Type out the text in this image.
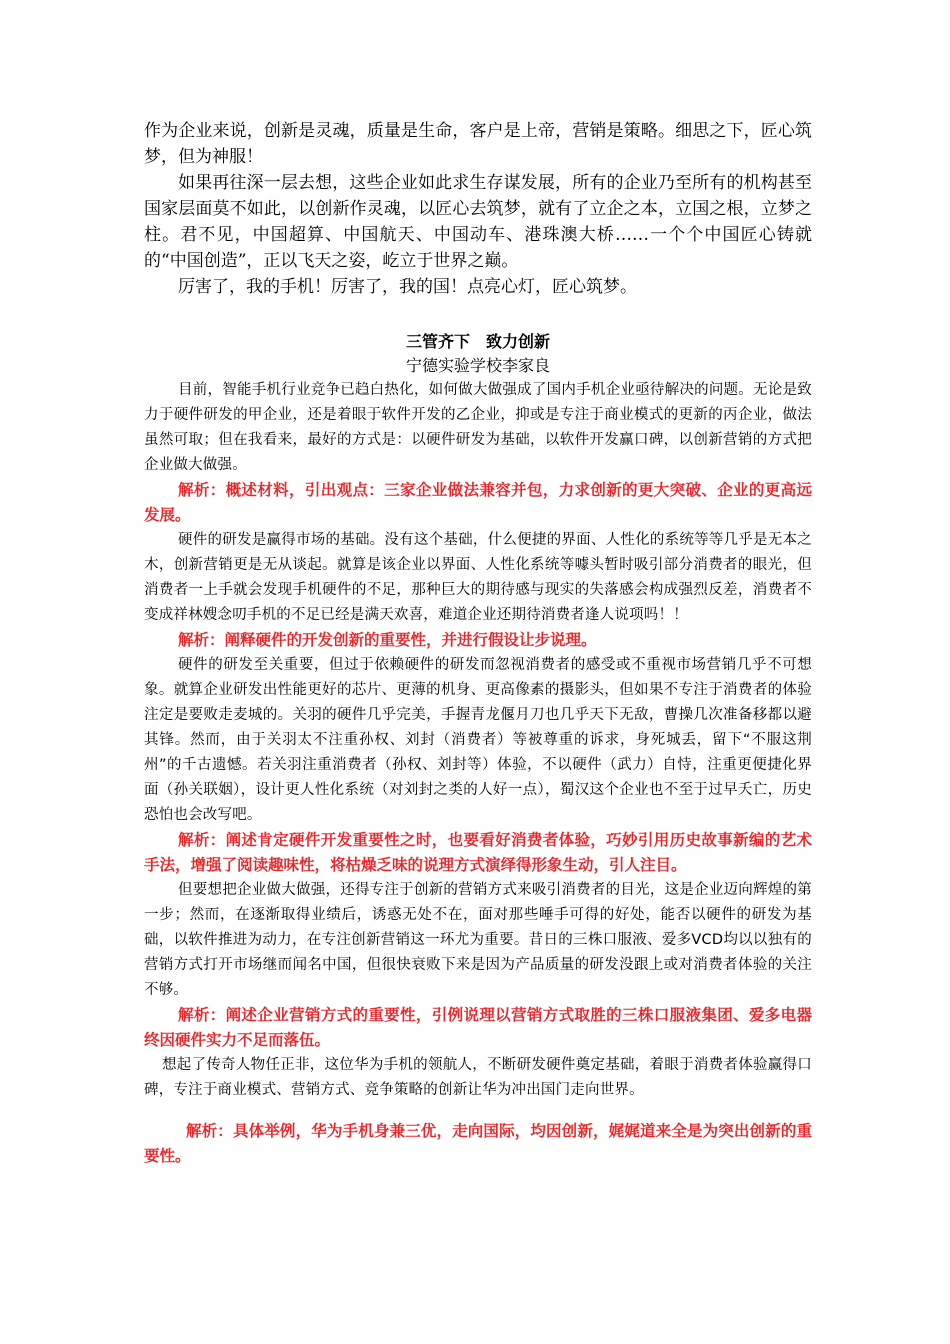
作为企业来说，创新是灵魂，质量是生命，客户是上帝，营销是策略。细思之下，匠心筑梦，但为神服！

如果再往深一层去想，这些企业如此求生存谋发展，所有的企业乃至所有的机构甚至国家层面莫不如此，以创新作灵魂，以匠心去筑梦，就有了立企之本，立国之根，立梦之柱。君不见，中国超算、中国航天、中国动车、港珠澳大桥……一个个中国匠心铸就的“中国创造”，正以飞天之姿，屹立于世界之巅。

厉害了，我的手机！厉害了，我的国！点亮心灯，匠心筑梦。

三管齐下　致力创新

宁德实验学校李家良

目前，智能手机行业竞争已趋白热化，如何做大做强成了国内手机企业亟待解决的问题。无论是致力于硬件研发的甲企业，还是着眼于软件开发的乙企业，抑或是专注于商业模式的更新的丙企业，做法虽然可取；但在我看来，最好的方式是：以硬件研发为基础，以软件开发赢口碑，以创新营销的方式把企业做大做强。

解析：概述材料，引出观点：三家企业做法兼容并包，力求创新的更大突破、企业的更高远发展。

硬件的研发是赢得市场的基础。没有这个基础，什么便捷的界面、人性化的系统等等几乎是无本之木，创新营销更是无从谈起。就算是该企业以界面、人性化系统等噱头暂时吸引部分消费者的眼光，但消费者一上手就会发现手机硬件的不足，那种巨大的期待感与现实的失落感会构成强烈反差，消费者不变成祥林嫂念叨手机的不足已经是满天欢喜，难道企业还期待消费者逢人说项吗！！

解析：阐释硬件的开发创新的重要性，并进行假设让步说理。

硬件的研发至关重要，但过于依赖硬件的研发而忽视消费者的感受或不重视市场营销几乎不可想象。就算企业研发出性能更好的芯片、更薄的机身、更高像素的摄影头，但如果不专注于消费者的体验注定是要败走麦城的。关羽的硬件几乎完美，手握青龙偃月刀也几乎天下无敌，曹操几次准备移都以避其锋。然而，由于关羽太不注重孙权、刘封（消费者）等被尊重的诉求，身死城丢，留下“不服这荆州”的千古遗憾。若关羽注重消费者（孙权、刘封等）体验，不以硬件（武力）自恃，注重更便捷化界面（孙关联姻），设计更人性化系统（对刘封之类的人好一点），蜀汉这个企业也不至于过早夭亡，历史恐怕也会改写吧。

解析：阐述肯定硬件开发重要性之时，也要看好消费者体验，巧妙引用历史故事新编的艺术手法，增强了阅读趣味性，将枯燥乏味的说理方式演绎得形象生动，引人注目。

但要想把企业做大做强，还得专注于创新的营销方式来吸引消费者的目光，这是企业迈向辉煌的第一步；然而，在逐渐取得业绩后，诱惑无处不在，面对那些唾手可得的好处，能否以硬件的研发为基础，以软件推进为动力，在专注创新营销这一环尤为重要。昔日的三株口服液、爱多VCD均以以独有的营销方式打开市场继而闻名中国，但很快衰败下来是因为产品质量的研发没跟上或对消费者体验的关注不够。

解析：阐述企业营销方式的重要性，引例说理以营销方式取胜的三株口服液集团、爱多电器终因硬件实力不足而落伍。

想起了传奇人物任正非，这位华为手机的领航人，不断研发硬件奠定基础，着眼于消费者体验赢得口碑，专注于商业模式、营销方式、竞争策略的创新让华为冲出国门走向世界。

解析：具体举例，华为手机身兼三优，走向国际，均因创新，娓娓道来全是为突出创新的重要性。
